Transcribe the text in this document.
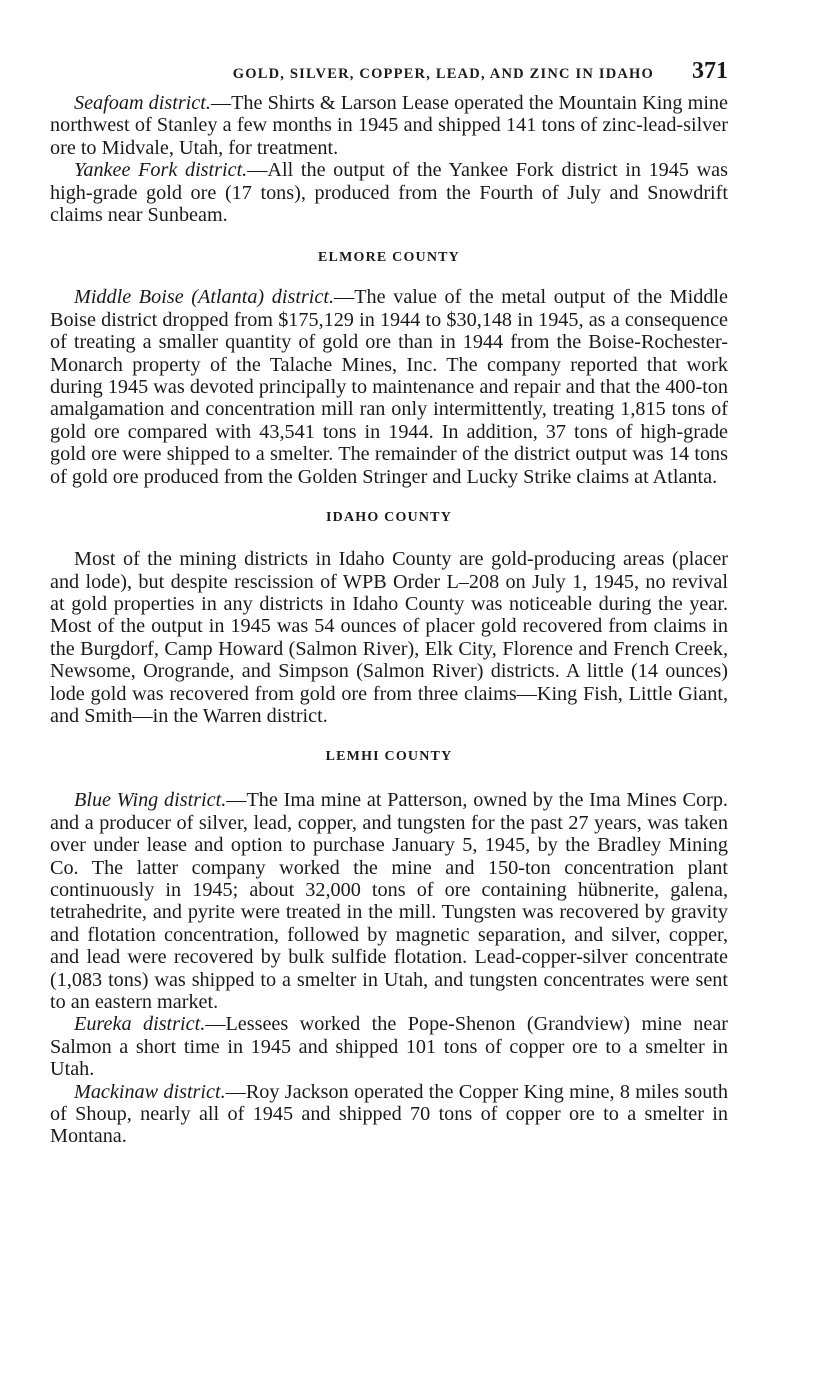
GOLD, SILVER, COPPER, LEAD, AND ZINC IN IDAHO 371

Seafoam district.—The Shirts & Larson Lease operated the Mountain King mine northwest of Stanley a few months in 1945 and shipped 141 tons of zinc-lead-silver ore to Midvale, Utah, for treatment.

Yankee Fork district.—All the output of the Yankee Fork district in 1945 was high-grade gold ore (17 tons), produced from the Fourth of July and Snowdrift claims near Sunbeam.

ELMORE COUNTY

Middle Boise (Atlanta) district.—The value of the metal output of the Middle Boise district dropped from $175,129 in 1944 to $30,148 in 1945, as a consequence of treating a smaller quantity of gold ore than in 1944 from the Boise-Rochester-Monarch property of the Talache Mines, Inc. The company reported that work during 1945 was devoted principally to maintenance and repair and that the 400-ton amalgamation and concentration mill ran only intermittently, treating 1,815 tons of gold ore compared with 43,541 tons in 1944. In addition, 37 tons of high-grade gold ore were shipped to a smelter. The remainder of the district output was 14 tons of gold ore produced from the Golden Stringer and Lucky Strike claims at Atlanta.

IDAHO COUNTY

Most of the mining districts in Idaho County are gold-producing areas (placer and lode), but despite rescission of WPB Order L–208 on July 1, 1945, no revival at gold properties in any districts in Idaho County was noticeable during the year. Most of the output in 1945 was 54 ounces of placer gold recovered from claims in the Burgdorf, Camp Howard (Salmon River), Elk City, Florence and French Creek, Newsome, Orogrande, and Simpson (Salmon River) districts. A little (14 ounces) lode gold was recovered from gold ore from three claims—King Fish, Little Giant, and Smith—in the Warren district.

LEMHI COUNTY

Blue Wing district.—The Ima mine at Patterson, owned by the Ima Mines Corp. and a producer of silver, lead, copper, and tungsten for the past 27 years, was taken over under lease and option to purchase January 5, 1945, by the Bradley Mining Co. The latter company worked the mine and 150-ton concentration plant continuously in 1945; about 32,000 tons of ore containing hübnerite, galena, tetrahedrite, and pyrite were treated in the mill. Tungsten was recovered by gravity and flotation concentration, followed by magnetic separation, and silver, copper, and lead were recovered by bulk sulfide flotation. Lead-copper-silver concentrate (1,083 tons) was shipped to a smelter in Utah, and tungsten concentrates were sent to an eastern market.

Eureka district.—Lessees worked the Pope-Shenon (Grandview) mine near Salmon a short time in 1945 and shipped 101 tons of copper ore to a smelter in Utah.

Mackinaw district.—Roy Jackson operated the Copper King mine, 8 miles south of Shoup, nearly all of 1945 and shipped 70 tons of copper ore to a smelter in Montana.
